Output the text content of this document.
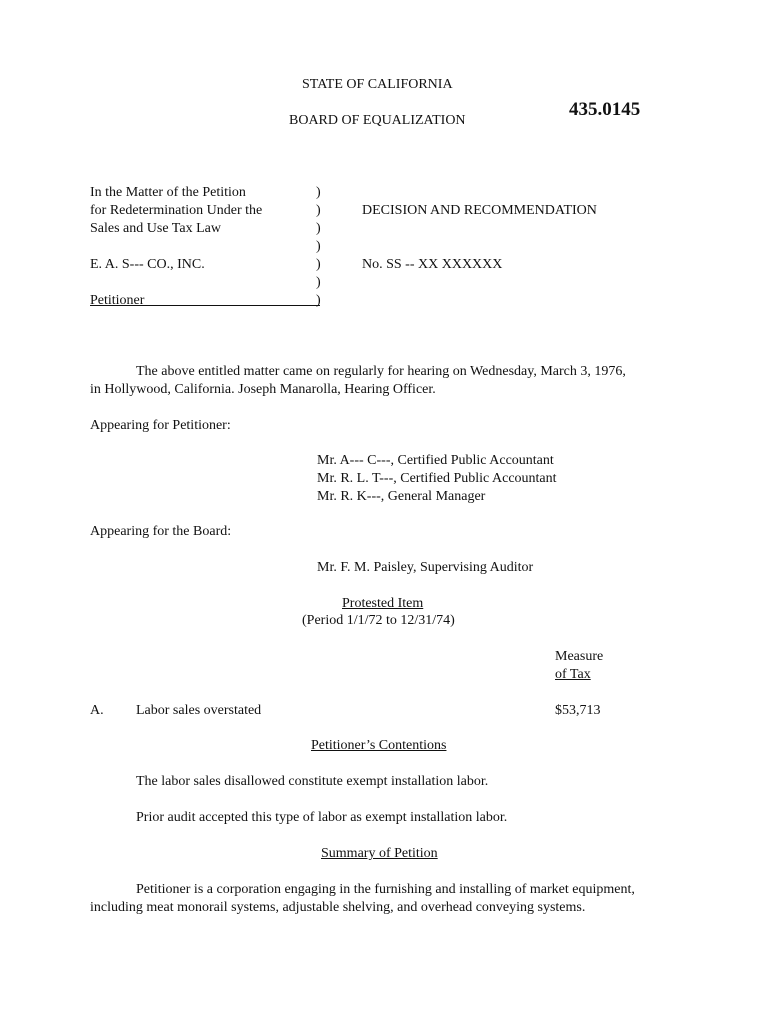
STATE OF CALIFORNIA
BOARD OF EQUALIZATION
435.0145
In the Matter of the Petition
for Redetermination Under the
Sales and Use Tax Law
E. A. S--- CO., INC.
Petitioner
)
)
)
)
)
)
)
DECISION AND RECOMMENDATION
No. SS -- XX XXXXXX
The above entitled matter came on regularly for hearing on Wednesday, March 3, 1976,
in Hollywood, California. Joseph Manarolla, Hearing Officer.
Appearing for Petitioner:
Mr. A--- C---, Certified Public Accountant
Mr. R. L. T---, Certified Public Accountant
Mr. R. K---, General Manager
Appearing for the Board:
Mr. F. M. Paisley, Supervising Auditor
Protested Item
(Period 1/1/72 to 12/31/74)
Measure
of Tax
A. Labor sales overstated	$53,713
Petitioner’s Contentions
The labor sales disallowed constitute exempt installation labor.
Prior audit accepted this type of labor as exempt installation labor.
Summary of Petition
Petitioner is a corporation engaging in the furnishing and installing of market equipment,
including meat monorail systems, adjustable shelving, and overhead conveying systems.
